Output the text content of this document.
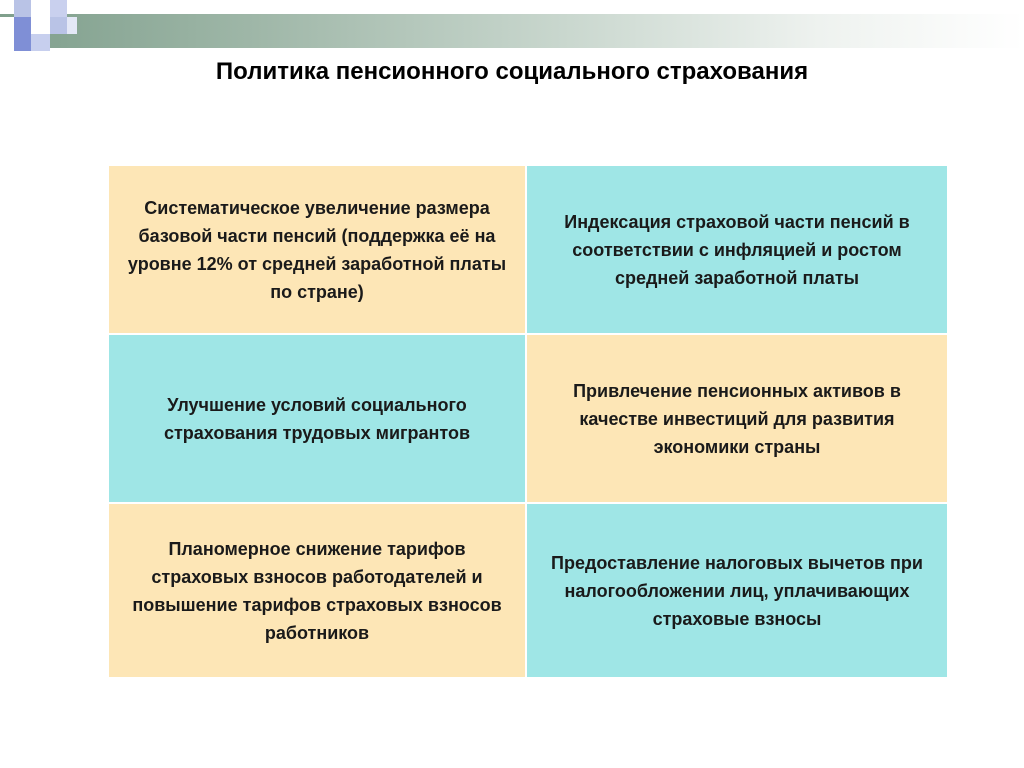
Политика пенсионного социального страхования
Систематическое увеличение размера базовой части пенсий (поддержка её на уровне 12% от средней заработной платы по стране)
Индексация страховой части пенсий в соответствии с инфляцией и ростом средней заработной платы
Улучшение условий социального страхования трудовых мигрантов
Привлечение пенсионных активов в качестве инвестиций для развития экономики страны
Планомерное снижение тарифов страховых взносов работодателей и повышение тарифов страховых взносов работников
Предоставление налоговых вычетов при налогообложении лиц, уплачивающих страховые взносы
